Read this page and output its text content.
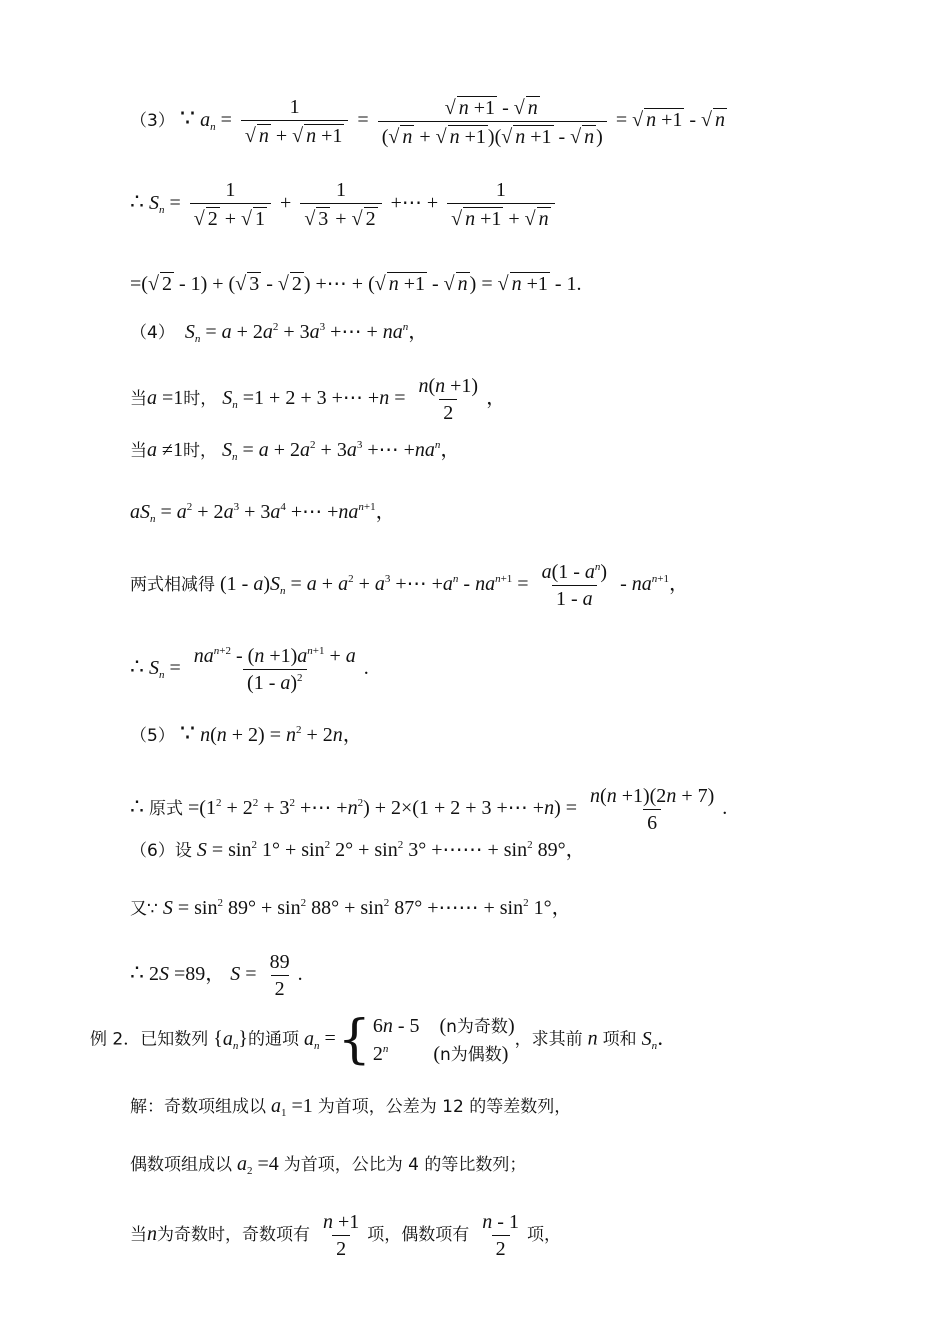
（3） ∵ $a_n = \frac{1}{√ n + √ n +1} = \frac{√ n +1 - √ n}{(√ n + √ n +1 )(√ n +1 - √ n )}$ = √ n +1 - √ n
∴ $S_n = \frac{1}{√ 2 + √ 1} + \frac{1}{√ 3 + √ 2}$ +⋯ + $\frac{1}{√ n +1 + √ n}$
=(√ 2 - 1) + (√ 3 - √ 2 ) +⋯ + (√ n +1 - √ n ) = √ n +1 - 1.
（4） $S_n = a + 2a^2 + 3a^3$ +⋯ + $na^n$，
当a =1时， $S_n =1 + 2 + 3$ +⋯ $+n = \frac{n(n +1)}{2}$ ，
当a ≠1时， $S_n = a + 2a^2 + 3a^3$ +⋯ $+na^n$，
$aS_n = a^2 + 2a^3 + 3a^4$ +⋯ $+na^{n+1}$，
两式相减得 $(1 - a)S_n = a + a^2 + a^3$ +⋯ $+a^n - na^{n+1} = \frac{a(1 - a^n)}{1 - a} - na^{n+1}$，
∴ $S_n = \frac{na^{n+2} - (n +1)a^{n+1} + a}{(1 - a)^2}$ .
（5） ∵ $n(n + 2) = n^2 + 2n$，
∴ 原式 $=(1^2 + 2^2 + 3^2$ +⋯ $+n^2) + 2\times(1 + 2 + 3$ +⋯ $+n) = \frac{n(n +1)(2n + 7)}{6}$ .
（6）设 $S = \sin^2 1^\circ + \sin^2 2^\circ + \sin^2 3^\circ$ +⋯⋯ + $\sin^2 89^\circ$，
又∵ $S = \sin^2 89^\circ + \sin^2 88^\circ + \sin^2 87^\circ$ +⋯⋯ + $\sin^2 1^\circ$，
∴ 2S =89， $S = \frac{89}{2}$ .
例 2．已知数列 $\{a_n\}$的通项 $a_n$ ={ 6n - 5    (n为奇数)
2$^n$         (n为偶数)
，求其前 n 项和 $S_n$．
解：奇数项组成以 $a_1 =1$ 为首项，公差为 12 的等差数列，
偶数项组成以 $a_2 =4$ 为首项，公比为 4 的等比数列；
当n为奇数时，奇数项有 $\frac{n +1}{2}$ 项，偶数项有 $\frac{n - 1}{2}$ 项，
